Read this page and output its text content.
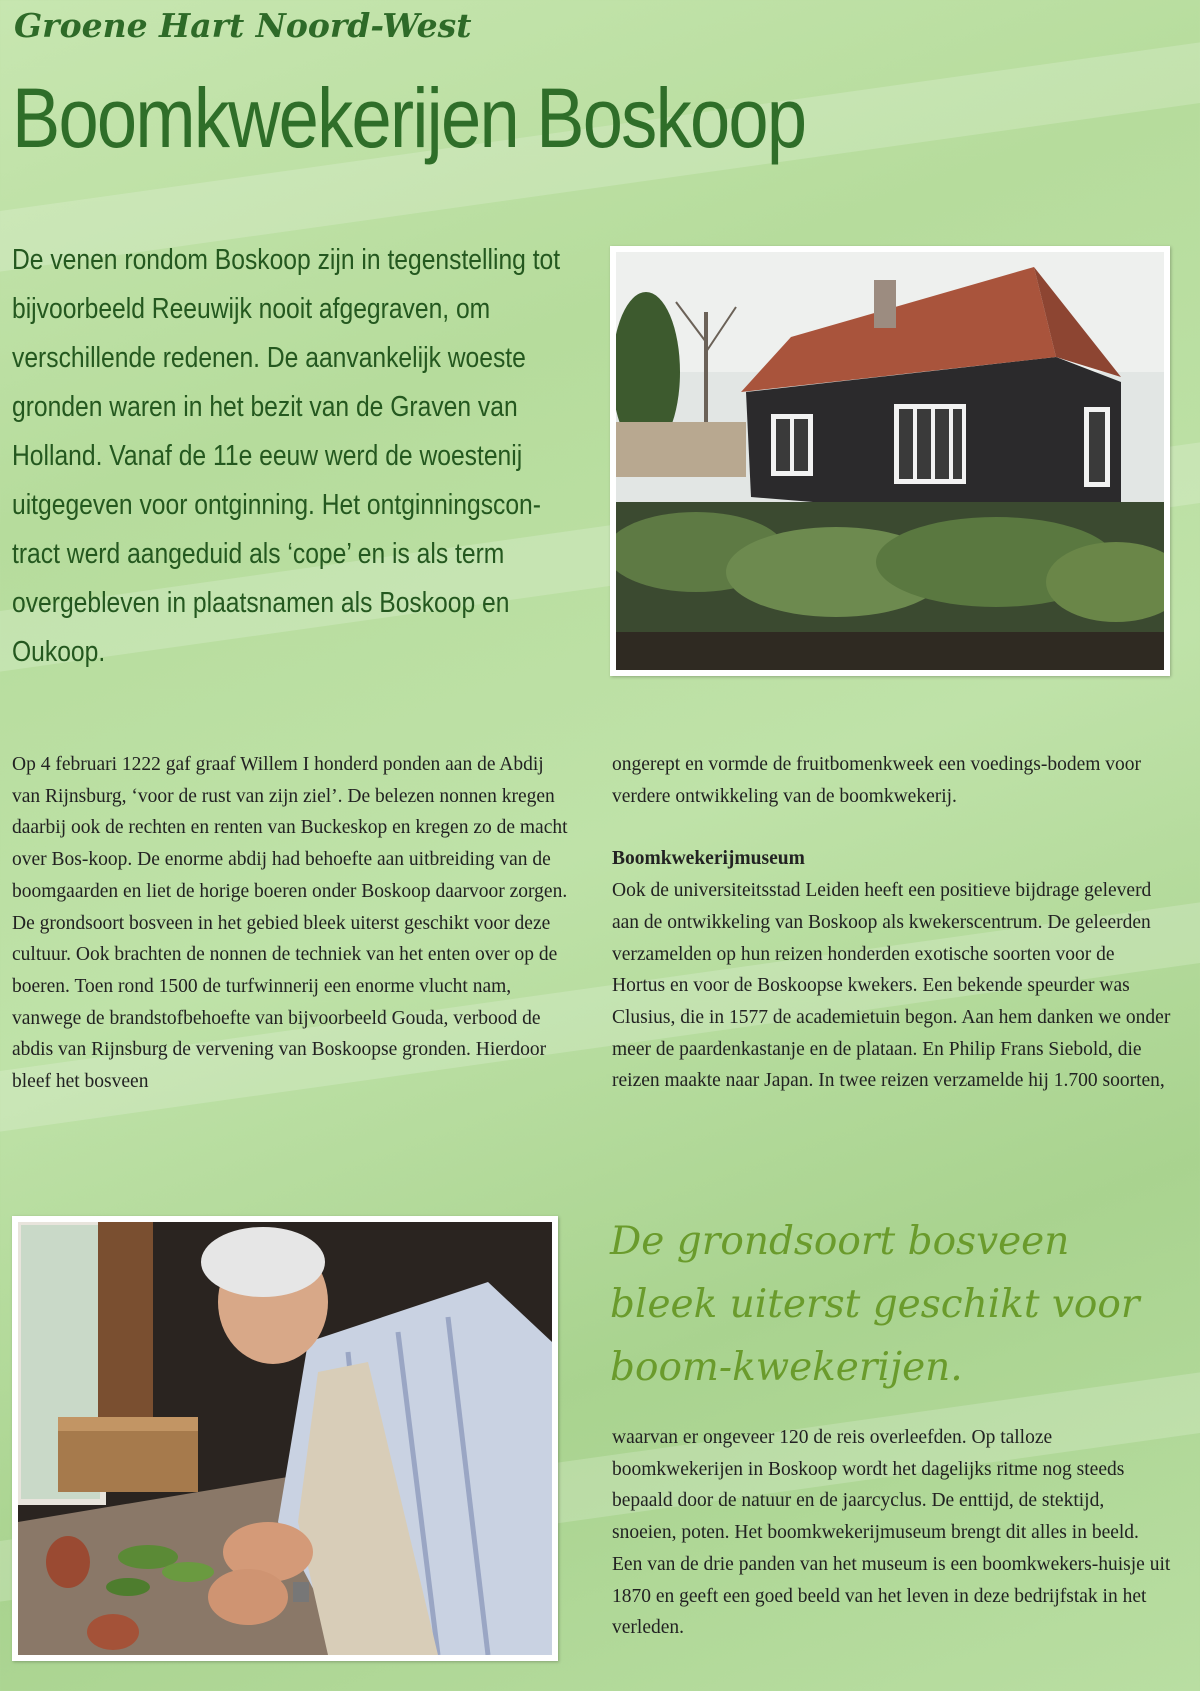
Groene Hart Noord-West
Boomkwekerijen Boskoop

De venen rondom Boskoop zijn in tegenstelling tot bijvoorbeeld Reeuwijk nooit afgegraven, om verschillende redenen. De aanvankelijk woeste gronden waren in het bezit van de Graven van Holland. Vanaf de 11e eeuw werd de woestenij uitgegeven voor ontginning. Het ontginningscon-tract werd aangeduid als ‘cope’ en is als term overgebleven in plaatsnamen als Boskoop en Oukoop.

Op 4 februari 1222 gaf graaf Willem I honderd ponden aan de Abdij van Rijnsburg, ‘voor de rust van zijn ziel’. De belezen nonnen kregen daarbij ook de rechten en renten van Buckeskop en kregen zo de macht over Bos-koop. De enorme abdij had behoefte aan uitbreiding van de boomgaarden en liet de horige boeren onder Boskoop daarvoor zorgen. De grondsoort bosveen in het gebied bleek uiterst geschikt voor deze cultuur. Ook brachten de nonnen de techniek van het enten over op de boeren. Toen rond 1500 de turfwinnerij een enorme vlucht nam, vanwege de brandstofbehoefte van bijvoorbeeld Gouda, verbood de abdis van Rijnsburg de vervening van Boskoopse gronden. Hierdoor bleef het bosveen

ongerept en vormde de fruitbomenkweek een voedings-bodem voor verdere ontwikkeling van de boomkwekerij.

Boomkwekerijmuseum

Ook de universiteitsstad Leiden heeft een positieve bijdrage geleverd aan de ontwikkeling van Boskoop als kwekerscentrum. De geleerden verzamelden op hun reizen honderden exotische soorten voor de Hortus en voor de Boskoopse kwekers. Een bekende speurder was Clusius, die in 1577 de academietuin begon. Aan hem danken we onder meer de paardenkastanje en de plataan. En Philip Frans Siebold, die reizen maakte naar Japan. In twee reizen verzamelde hij 1.700 soorten,

De grondsoort bosveen bleek uiterst geschikt voor boom-kwekerijen.

waarvan er ongeveer 120 de reis overleefden. Op talloze boomkwekerijen in Boskoop wordt het dagelijks ritme nog steeds bepaald door de natuur en de jaarcyclus. De enttijd, de stektijd, snoeien, poten. Het boomkwekerijmuseum brengt dit alles in beeld. Een van de drie panden van het museum is een boomkwekers-huisje uit 1870 en geeft een goed beeld van het leven in deze bedrijfstak in het verleden.
